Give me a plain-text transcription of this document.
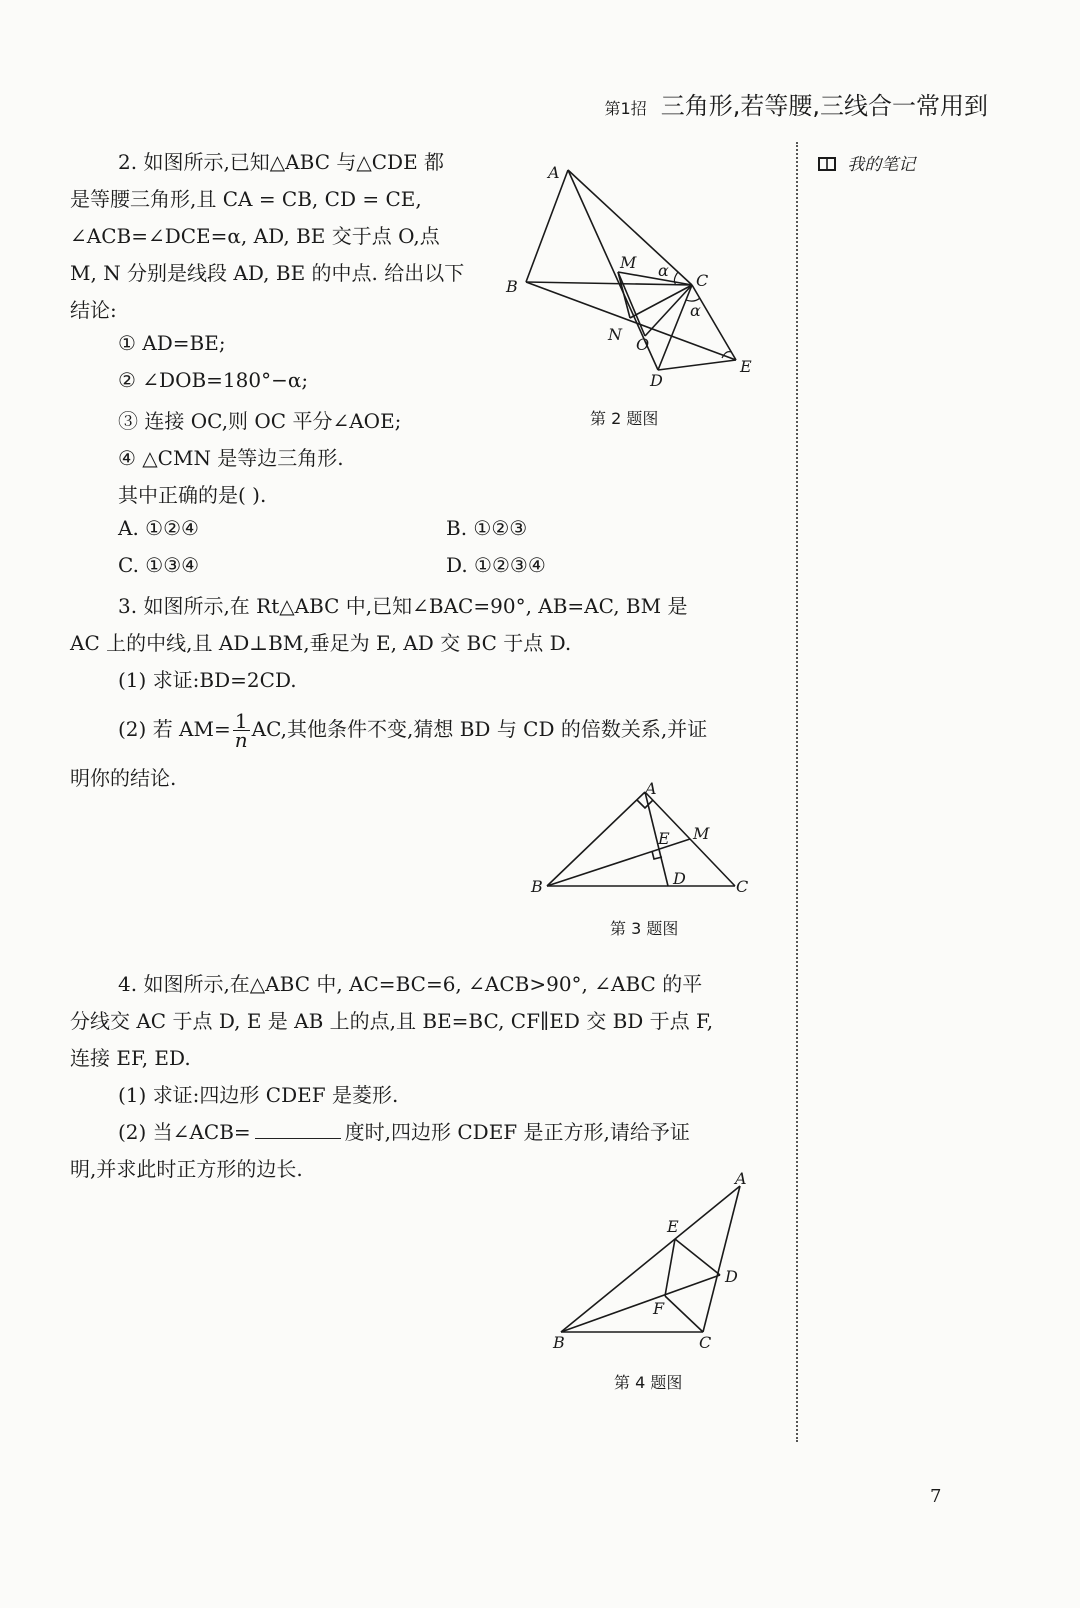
第1招 三角形,若等腰,三线合一常用到
我的笔记
2. 如图所示,已知△ABC 与△CDE 都
是等腰三角形,且 CA = CB, CD = CE,
∠ACB=∠DCE=α, AD, BE 交于点 O,点
M, N 分别是线段 AD, BE 的中点. 给出以下
结论:
① AD=BE;
② ∠DOB=180°−α;
③ 连接 OC,则 OC 平分∠AOE;
④ △CMN 是等边三角形.
其中正确的是( ).
A. ①②④	B. ①②③
C. ①③④	D. ①②③④
A
B	C
D
E
M
N
O
α
α
第 2 题图
3. 如图所示,在 Rt△ABC 中,已知∠BAC=90°, AB=AC, BM 是
AC 上的中线,且 AD⊥BM,垂足为 E, AD 交 BC 于点 D.
(1) 求证:BD=2CD.
(2) 若 $AM= \frac{1}{n}$ AC,其他条件不变,猜想 BD 与 CD 的倍数关系,并证
明你的结论.	A
B	C
D
E M
第 3 题图
4. 如图所示,在△ABC 中, AC=BC=6, ∠ACB>90°, ∠ABC 的平
分线交 AC 于点 D, E 是 AB 上的点,且 BE=BC, CF∥ED 交 BD 于点 F,
连接 EF, ED.
(1) 求证:四边形 CDEF 是菱形.
(2) 当∠ACB=	度时,四边形 CDEF 是正方形,请给予证
明,并求此时正方形的边长.	A
B	C
D
E
F
第 4 题图
7
